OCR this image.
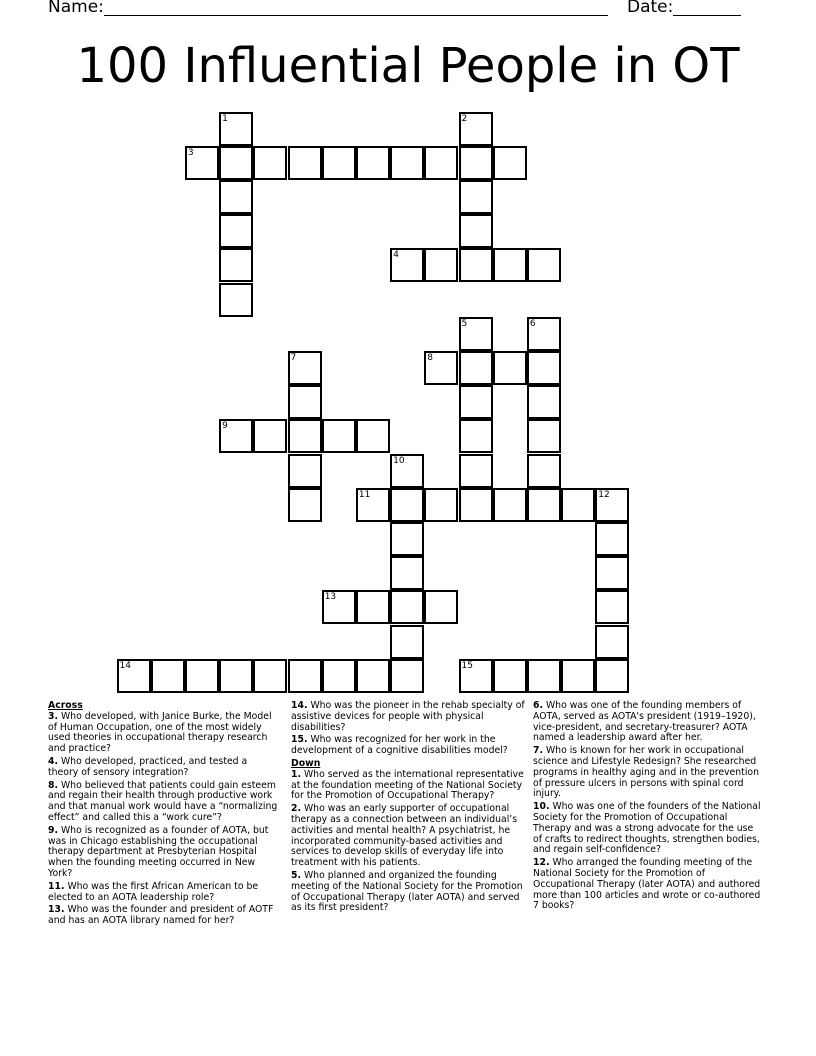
Name:	Date:
100 Influential People in OT
1	2
3
4
5	6
7	8
9
10
11	12
13
14	15
Across
3. Who developed, with Janice Burke, the Model of Human Occupation, one of the most widely used theories in occupational therapy research and practice?
4. Who developed, practiced, and tested a theory of sensory integration?
8. Who believed that patients could gain esteem and regain their health through productive work and that manual work would have a “normalizing effect” and called this a “work cure”?
9. Who is recognized as a founder of AOTA, but was in Chicago establishing the occupational therapy department at Presbyterian Hospital when the founding meeting occurred in New York?
11. Who was the first African American to be elected to an AOTA leadership role?
13. Who was the founder and president of AOTF and has an AOTA library named for her?
14. Who was the pioneer in the rehab specialty of assistive devices for people with physical disabilities?
15. Who was recognized for her work in the development of a cognitive disabilities model?
Down
1. Who served as the international representative at the foundation meeting of the National Society for the Promotion of Occupational Therapy?
2. Who was an early supporter of occupational therapy as a connection between an individual’s activities and mental health? A psychiatrist, he incorporated community-based activities and services to develop skills of everyday life into treatment with his patients.
5. Who planned and organized the founding meeting of the National Society for the Promotion of Occupational Therapy (later AOTA) and served as its first president?
6. Who was one of the founding members of AOTA, served as AOTA's president (1919–1920), vice-president, and secretary-treasurer? AOTA named a leadership award after her.
7. Who is known for her work in occupational science and Lifestyle Redesign? She researched programs in healthy aging and in the prevention of pressure ulcers in persons with spinal cord injury.
10. Who was one of the founders of the National Society for the Promotion of Occupational Therapy and was a strong advocate for the use of crafts to redirect thoughts, strengthen bodies, and regain self-confidence?
12. Who arranged the founding meeting of the National Society for the Promotion of Occupational Therapy (later AOTA) and authored more than 100 articles and wrote or co-authored 7 books?
